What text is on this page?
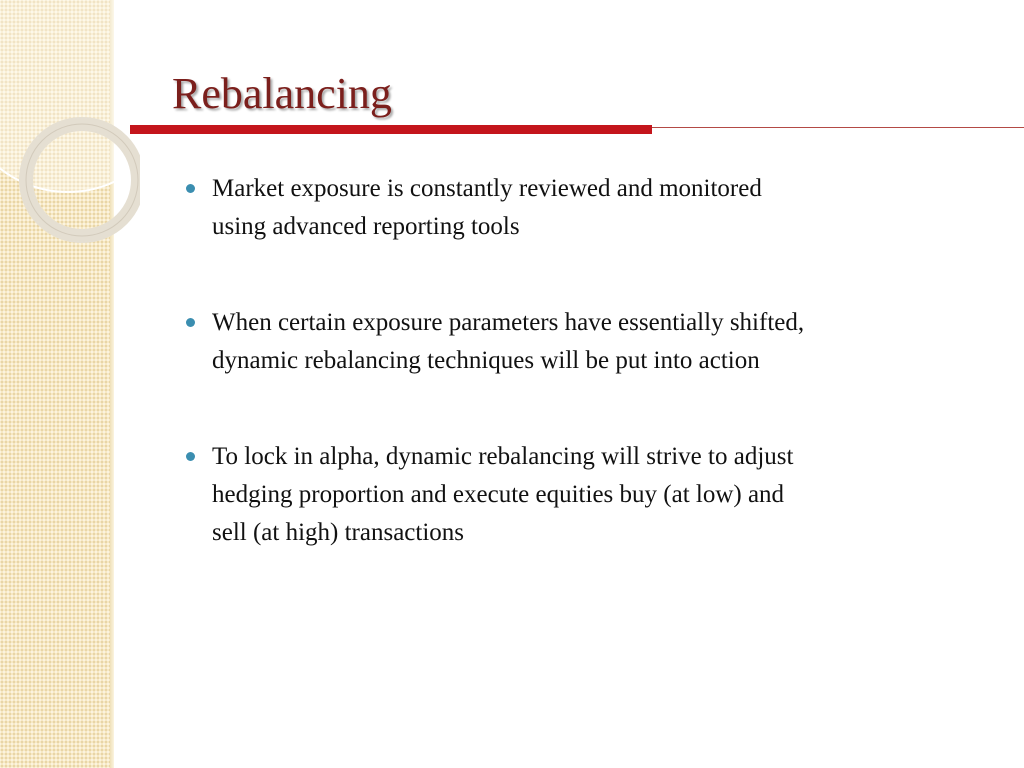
Rebalancing
Market exposure is constantly reviewed and monitored
using advanced reporting tools
When certain exposure parameters have essentially shifted,
dynamic rebalancing techniques will be put into action
To lock in alpha, dynamic rebalancing will strive to adjust
hedging proportion and execute equities buy (at low) and
sell (at high) transactions
